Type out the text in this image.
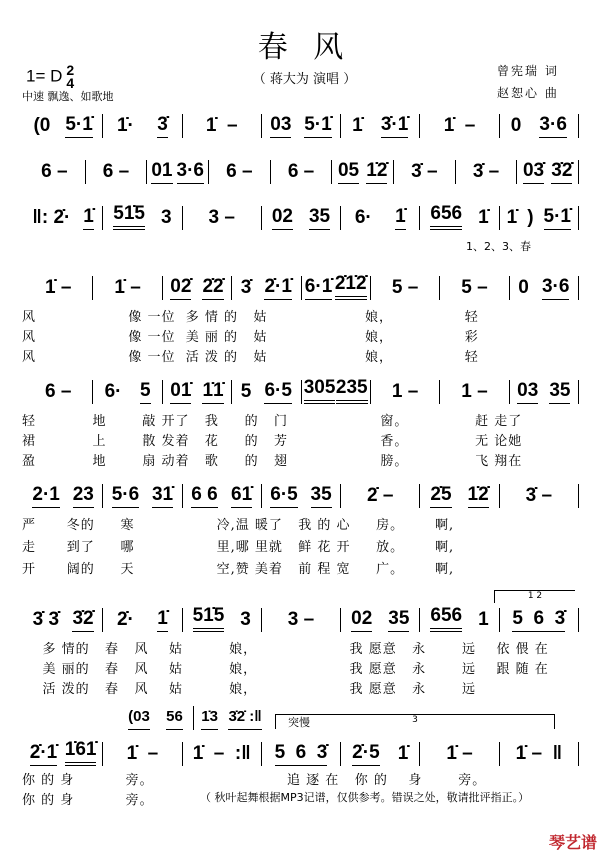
春 风
（ 蒋大为 演唱 ）
1= D 2
4
中速 飘逸、如歌地
曾宪瑞 词
赵恕心 曲
(0 5·1̇ 1̇· 3̇ 1̇  – 03 5·1̇ 1̇ 3̇·1̇ 1̇  – 0 3·6
6 – 6 – 01 3·6 6 – 6 – 05 1̇2̇ 3̇ – 3̇ – 03̇ 3̇2̇
‖: 2̇· 1̇ 51̇5 3 3 – 02 35 6· 1̇ 656 1̇ 1̇ ) 5·1̇
1、2、3、春
1̇ – 1̇ – 02̇ 2̇2̇ 3̇ 2̇·1̇ 6·1̇ 2̇1̇2̇ 5 – 5 – 0 3·6
6 – 6· 5 01̇ 1̇1̇ 5 6·5 305 235 1 – 1 – 03 35
2·1 23 5·6 31̇ 6 6 61̇ 6·5 35 2̇ – 2̇5 1̇2̇ 3̇ –
1 2
3̇ 3̇ 3̇2̇ 2̇· 1̇ 51̇5 3 3 – 02 35 656 1 5  6  3̇
(03 56 1̇3 3̇2̇ :‖ 突慢	3
2̇·1̇ 1̇61̇ 1̇  – 1̇  –  :‖ 5  6  3̇ 2̇·5 1̇ 1̇ – 1̇ –  ‖
风                  像 一位  多 情 的   姑                   娘，              轻
风                  像 一位  美 丽 的   姑                   娘，              彩
风                  像 一位  活 泼 的   姑                   娘，              轻
轻           地       敲 开了   我     的   门                  窗。             赶 走了
裙           上       散 发着   花     的   芳                  香。             无 论她
盈           地       扇 动着   歌     的   翅                  膀。             飞 翔在
严      冬的     寒                冷,温 暖了   我 的 心     房。      啊,
走      到了     哪                里,哪 里就   鲜 花 开     放。      啊,
开      阔的     天                空,赞 美着   前 程 宽     广。      啊,
多 情的   春   风    姑         娘，                  我 愿意   永       远    依 偎 在
美 丽的   春   风    姑         娘，                  我 愿意   永       远    跟 随 在
活 泼的   春   风    姑         娘，                  我 愿意   永       远
你 的 身          旁。                          追 逐 在   你 的    身       旁。
你 的 身          旁。	（ 秋叶起舞根据MP3记谱，仅供参考。错误之处，敬请批评指正。）
琴艺谱
